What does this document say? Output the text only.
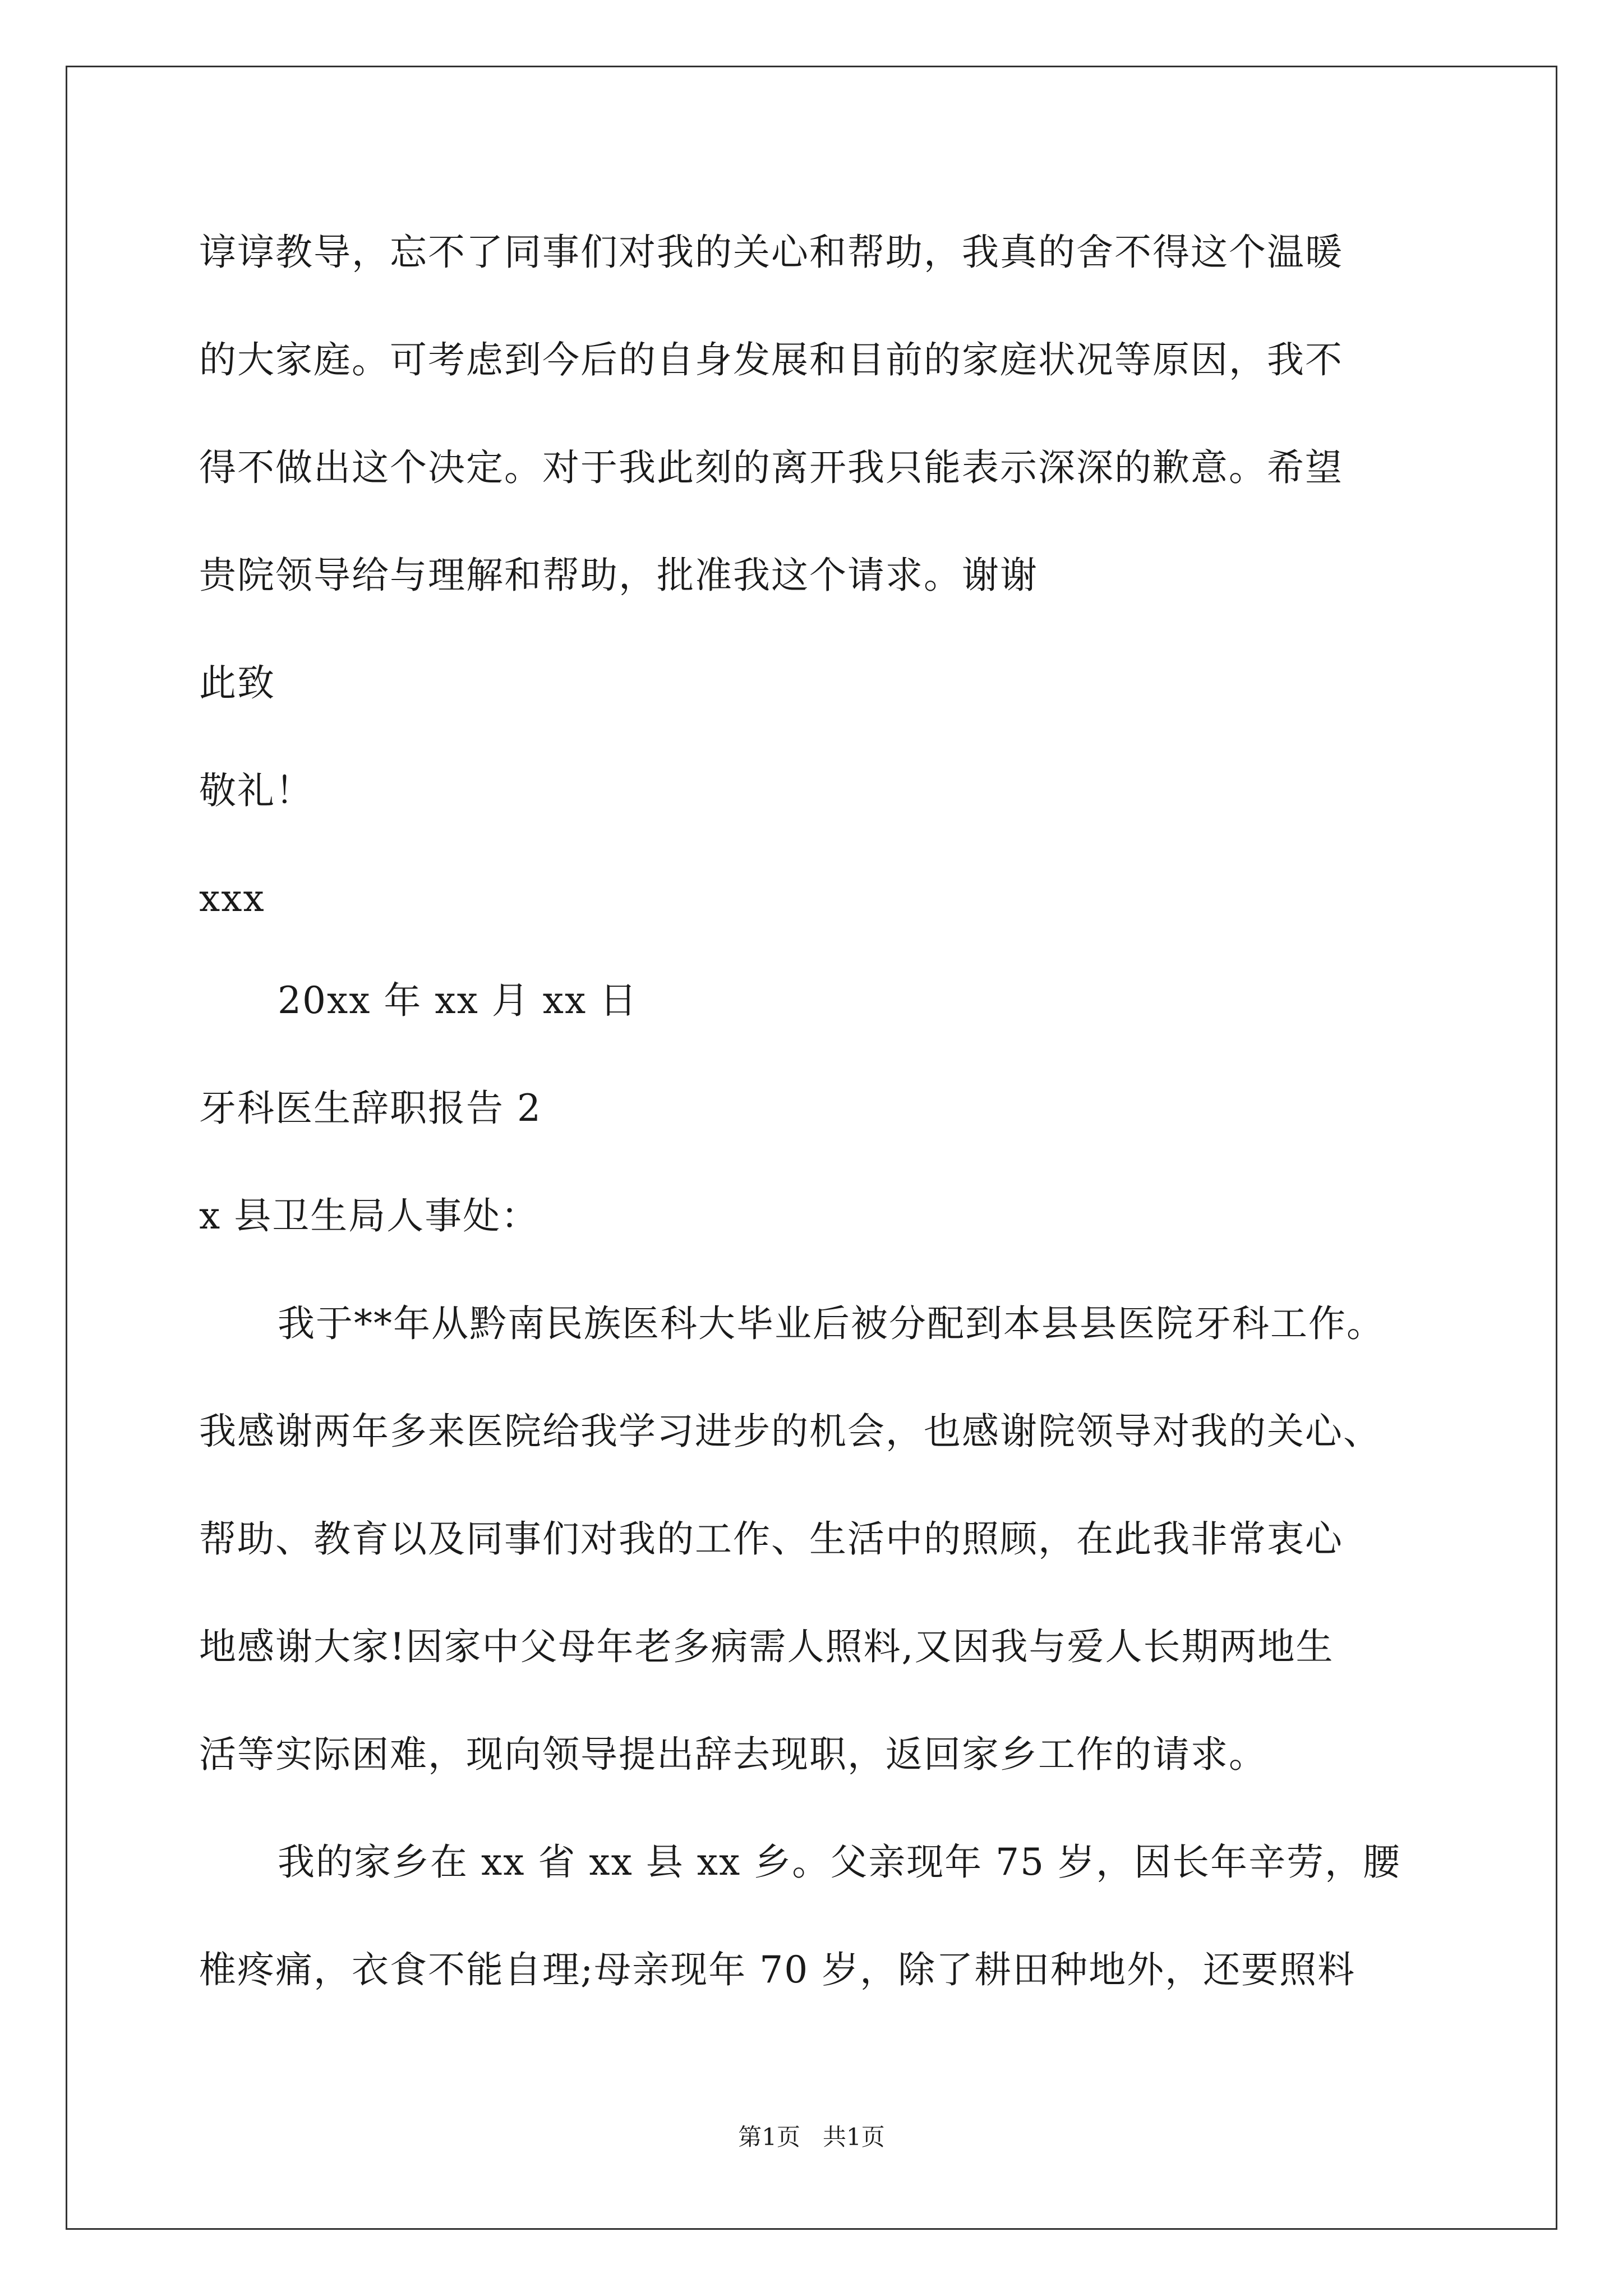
谆谆教导，忘不了同事们对我的关心和帮助，我真的舍不得这个温暖
的大家庭。可考虑到今后的自身发展和目前的家庭状况等原因，我不
得不做出这个决定。对于我此刻的离开我只能表示深深的歉意。希望
贵院领导给与理解和帮助，批准我这个请求。谢谢
此致
敬礼！
xxx
20xx 年 xx 月 xx 日
牙科医生辞职报告 2
x 县卫生局人事处：
我于**年从黔南民族医科大毕业后被分配到本县县医院牙科工作。
我感谢两年多来医院给我学习进步的机会，也感谢院领导对我的关心、
帮助、教育以及同事们对我的工作、生活中的照顾，在此我非常衷心
地感谢大家!因家中父母年老多病需人照料,又因我与爱人长期两地生
活等实际困难，现向领导提出辞去现职，返回家乡工作的请求。
我的家乡在 xx 省 xx 县 xx 乡。父亲现年 75 岁，因长年辛劳，腰
椎疼痛，衣食不能自理;母亲现年 70 岁，除了耕田种地外，还要照料
第1页   共1页
